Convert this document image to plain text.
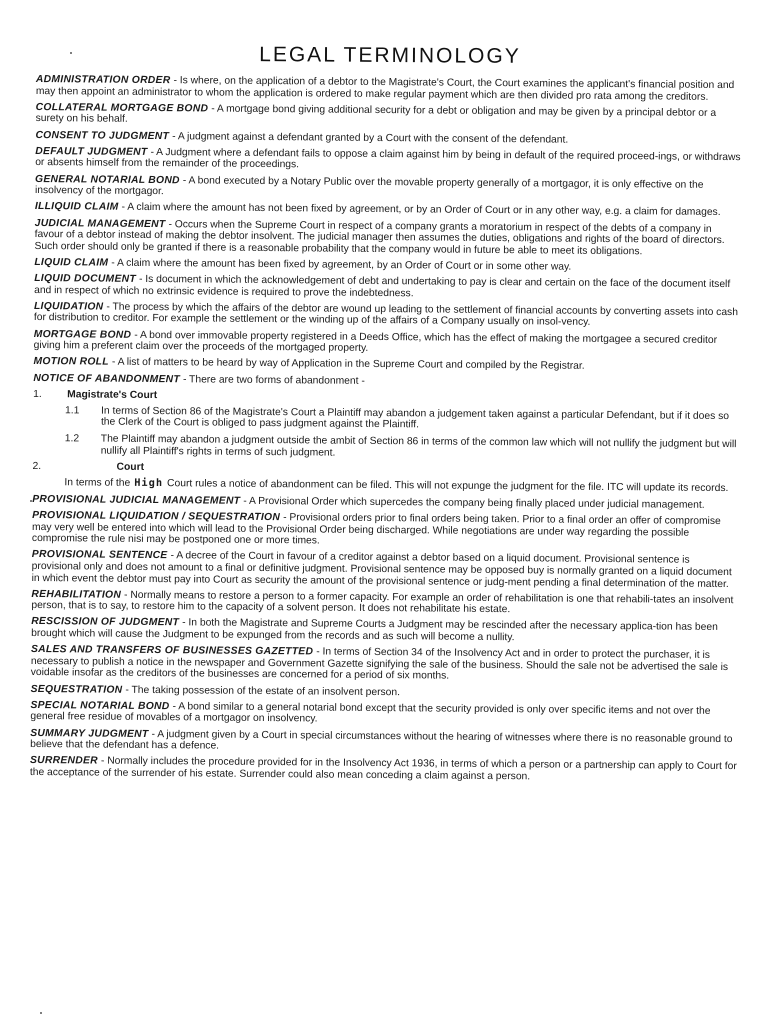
LEGAL TERMINOLOGY

ADMINISTRATION ORDER - Is where, on the application of a debtor to the Magistrate's Court, the Court examines the applicant's financial position and may then appoint an administrator to whom the application is ordered to make regular payment which are then divided pro rata among the creditors.

COLLATERAL MORTGAGE BOND - A mortgage bond giving additional security for a debt or obligation and may be given by a principal debtor or a surety on his behalf.

CONSENT TO JUDGMENT - A judgment against a defendant granted by a Court with the consent of the defendant.

DEFAULT JUDGMENT - A Judgment where a defendant fails to oppose a claim against him by being in default of the required proceed-ings, or withdraws or absents himself from the remainder of the proceedings.

GENERAL NOTARIAL BOND - A bond executed by a Notary Public over the movable property generally of a mortgagor, it is only effective on the insolvency of the mortgagor.

ILLIQUID CLAIM - A claim where the amount has not been fixed by agreement, or by an Order of Court or in any other way, e.g. a claim for damages.

JUDICIAL MANAGEMENT - Occurs when the Supreme Court in respect of a company grants a moratorium in respect of the debts of a company in favour of a debtor instead of making the debtor insolvent. The judicial manager then assumes the duties, obligations and rights of the board of directors. Such order should only be granted if there is a reasonable probability that the company would in future be able to meet its obligations.

LIQUID CLAIM - A claim where the amount has been fixed by agreement, by an Order of Court or in some other way.

LIQUID DOCUMENT - Is document in which the acknowledgement of debt and undertaking to pay is clear and certain on the face of the document itself and in respect of which no extrinsic evidence is required to prove the indebtedness.

LIQUIDATION - The process by which the affairs of the debtor are wound up leading to the settlement of financial accounts by converting assets into cash for distribution to creditor. For example the settlement or the winding up of the affairs of a Company usually on insol-vency.

MORTGAGE BOND - A bond over immovable property registered in a Deeds Office, which has the effect of making the mortgagee a secured creditor giving him a preferent claim over the proceeds of the mortgaged property.

MOTION ROLL - A list of matters to be heard by way of Application in the Supreme Court and compiled by the Registrar.

NOTICE OF ABANDONMENT - There are two forms of abandonment -

1.	Magistrate's Court
1.1	In terms of Section 86 of the Magistrate's Court a Plaintiff may abandon a judgement taken against a particular Defendant, but if it does so the Clerk of the Court is obliged to pass judgment against the Plaintiff.
1.2	The Plaintiff may abandon a judgment outside the ambit of Section 86 in terms of the common law which will not nullify the judgment but will nullify all Plaintiff's rights in terms of such judgment.
2.	Court

In terms of the High Court rules a notice of abandonment can be filed. This will not expunge the judgment for the file. ITC will update its records.

PROVISIONAL JUDICIAL MANAGEMENT - A Provisional Order which supercedes the company being finally placed under judicial management.

PROVISIONAL LIQUIDATION / SEQUESTRATION - Provisional orders prior to final orders being taken. Prior to a final order an offer of compromise may very well be entered into which will lead to the Provisional Order being discharged. While negotiations are under way regarding the possible compromise the rule nisi may be postponed one or more times.

PROVISIONAL SENTENCE - A decree of the Court in favour of a creditor against a debtor based on a liquid document. Provisional sentence is provisional only and does not amount to a final or definitive judgment. Provisional sentence may be opposed buy is normally granted on a liquid document in which event the debtor must pay into Court as security the amount of the provisional sentence or judg-ment pending a final determination of the matter.

REHABILITATION - Normally means to restore a person to a former capacity. For example an order of rehabilitation is one that rehabili-tates an insolvent person, that is to say, to restore him to the capacity of a solvent person. It does not rehabilitate his estate.

RESCISSION OF JUDGMENT - In both the Magistrate and Supreme Courts a Judgment may be rescinded after the necessary applica-tion has been brought which will cause the Judgment to be expunged from the records and as such will become a nullity.

SALES AND TRANSFERS OF BUSINESSES GAZETTED - In terms of Section 34 of the Insolvency Act and in order to protect the purchaser, it is necessary to publish a notice in the newspaper and Government Gazette signifying the sale of the business. Should the sale not be advertised the sale is voidable insofar as the creditors of the businesses are concerned for a period of six months.

SEQUESTRATION - The taking possession of the estate of an insolvent person.

SPECIAL NOTARIAL BOND - A bond similar to a general notarial bond except that the security provided is only over specific items and not over the general free residue of movables of a mortgagor on insolvency.

SUMMARY JUDGMENT - A judgment given by a Court in special circumstances without the hearing of witnesses where there is no reasonable ground to believe that the defendant has a defence.

SURRENDER - Normally includes the procedure provided for in the Insolvency Act 1936, in terms of which a person or a partnership can apply to Court for the acceptance of the surrender of his estate. Surrender could also mean conceding a claim against a person.
